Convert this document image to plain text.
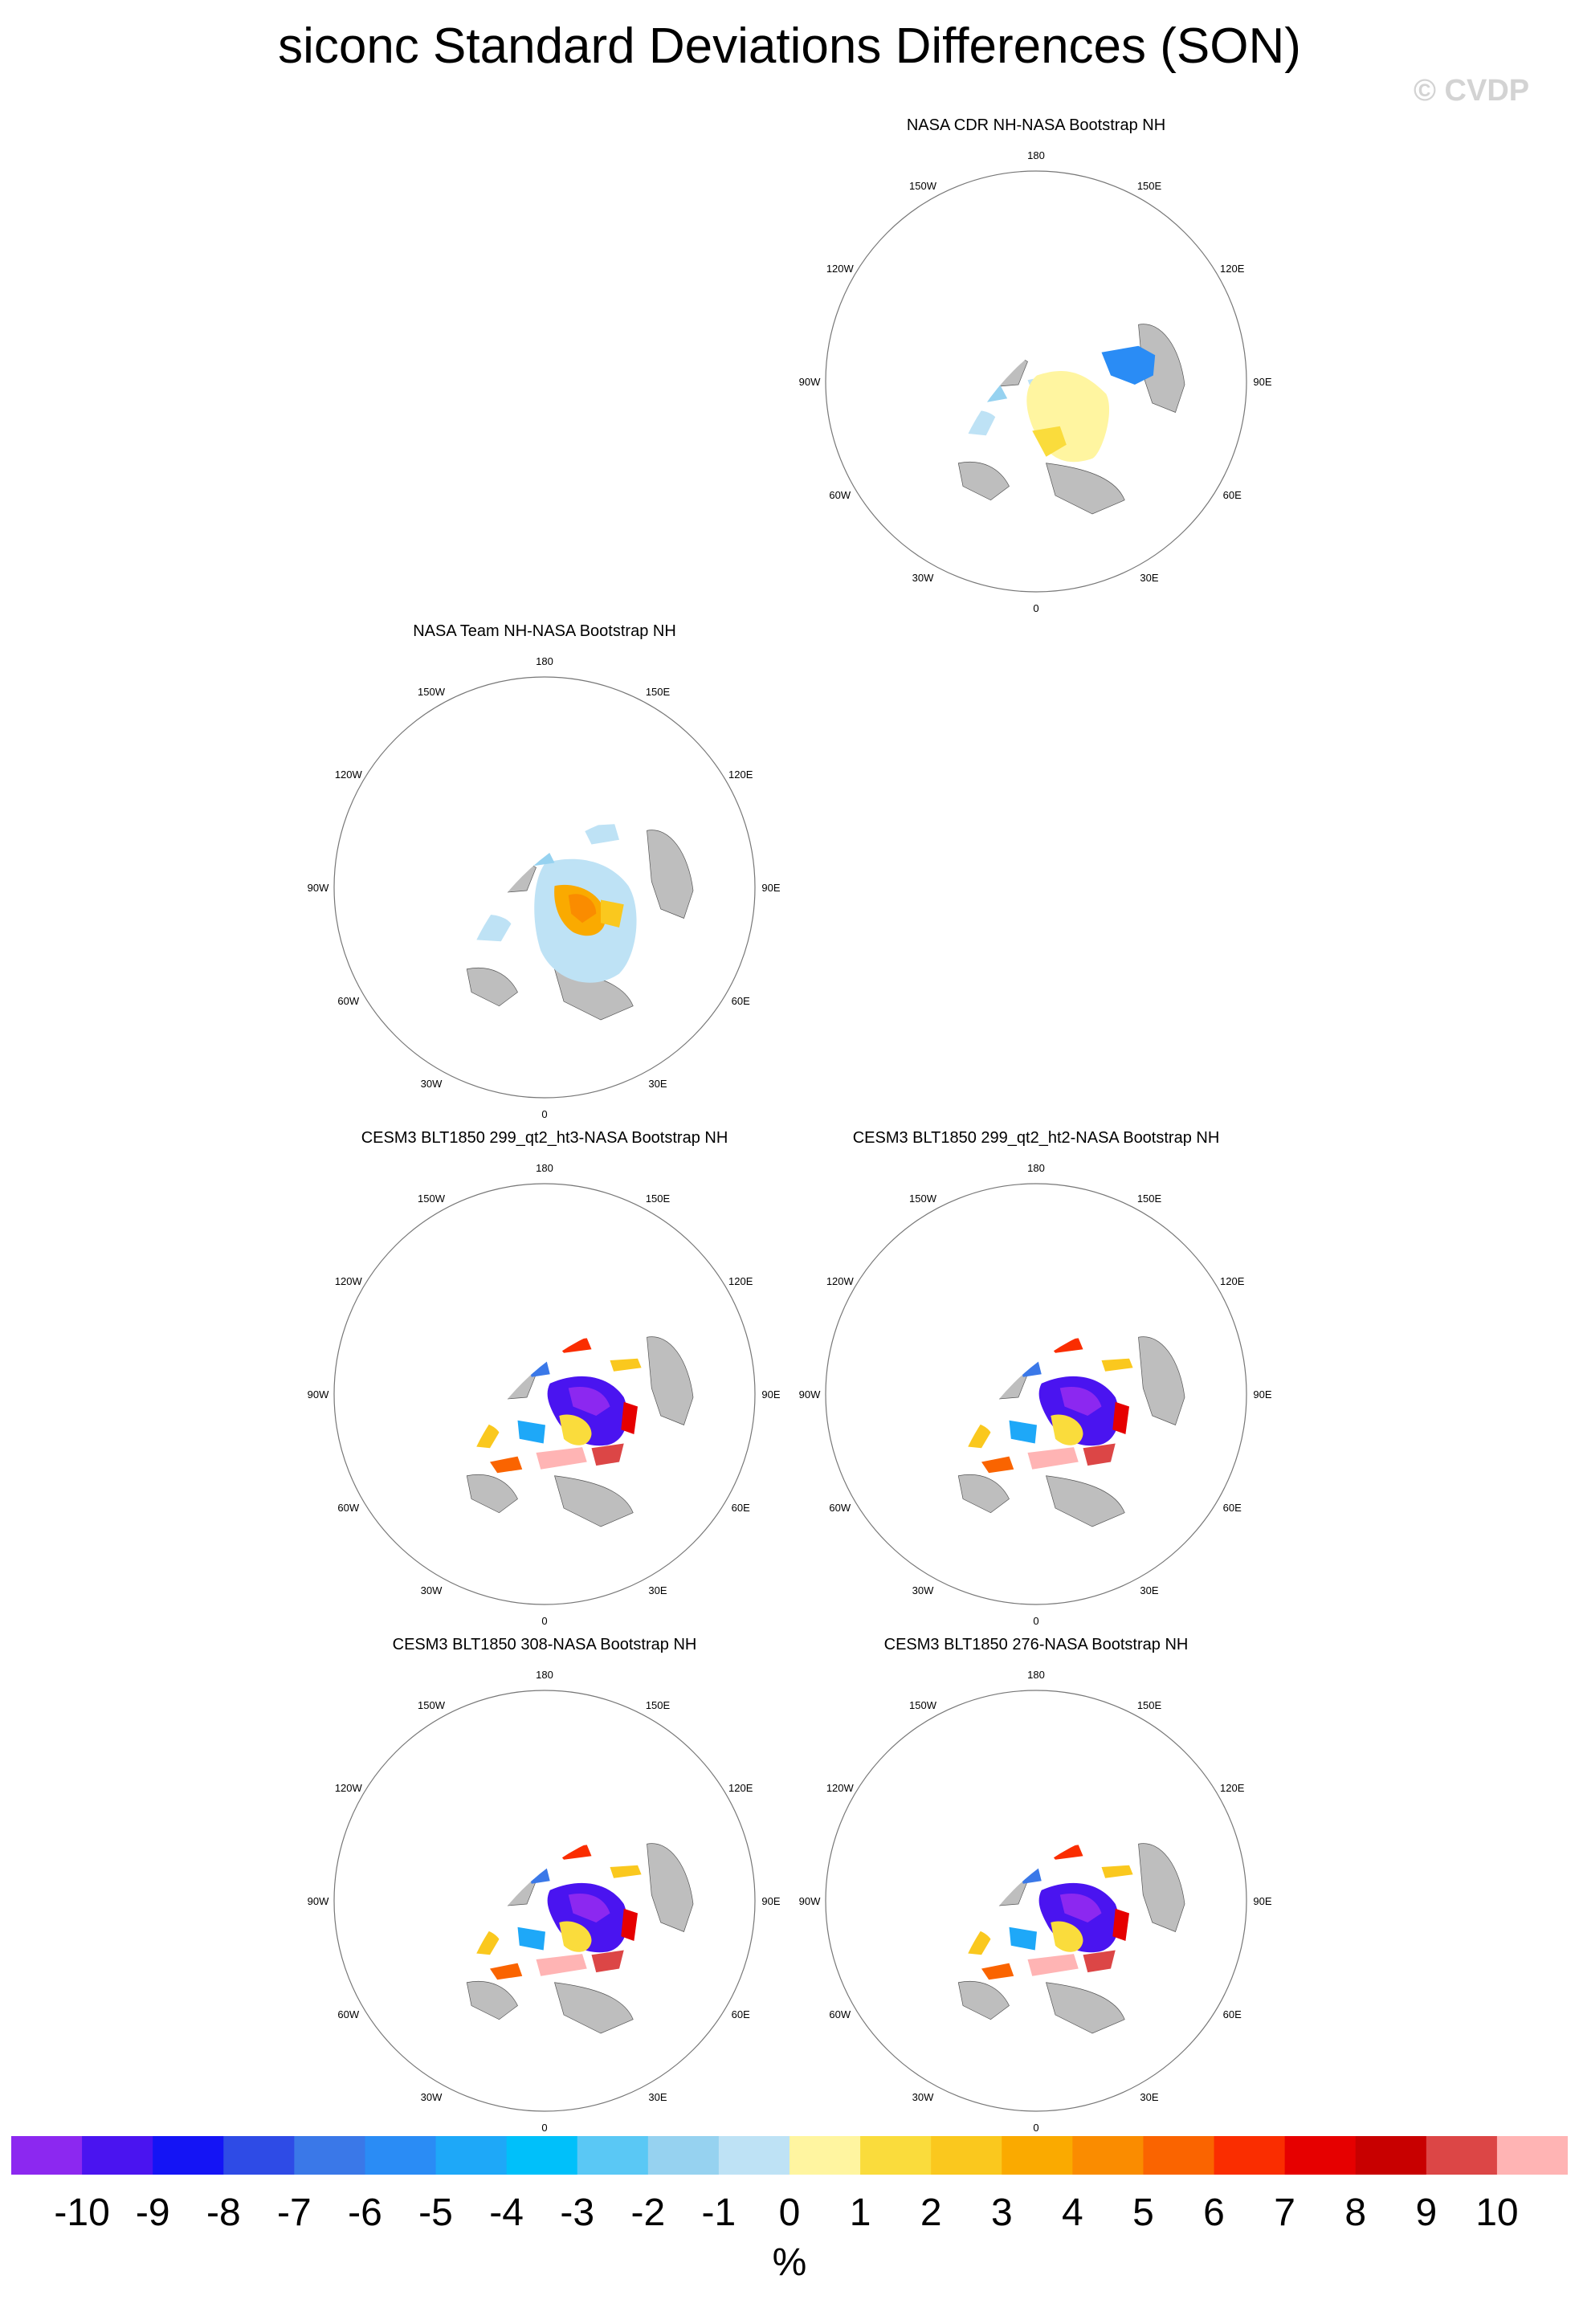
siconc Standard Deviations Differences (SON)
© CVDP
NASA CDR NH-NASA Bootstrap NH
180
150E
120E
90E
60E
30E
0
30W
60W
90W
120W
150W
NASA Team NH-NASA Bootstrap NH
180
150E
120E
90E
60E
30E
0
30W
60W
90W
120W
150W
CESM3 BLT1850 299_qt2_ht3-NASA Bootstrap NH
180
150E
120E
90E
60E
30E
0
30W
60W
90W
120W
150W
CESM3 BLT1850 299_qt2_ht2-NASA Bootstrap NH
180
150E
120E
90E
60E
30E
0
30W
60W
90W
120W
150W
CESM3 BLT1850 308-NASA Bootstrap NH
180
150E
120E
90E
60E
30E
0
30W
60W
90W
120W
150W
CESM3 BLT1850 276-NASA Bootstrap NH
180
150E
120E
90E
60E
30E
0
30W
60W
90W
120W
150W
-10 -9 -8 -7 -6 -5 -4 -3 -2 -1 0 1 2 3 4 5 6 7 8 9 10
%
